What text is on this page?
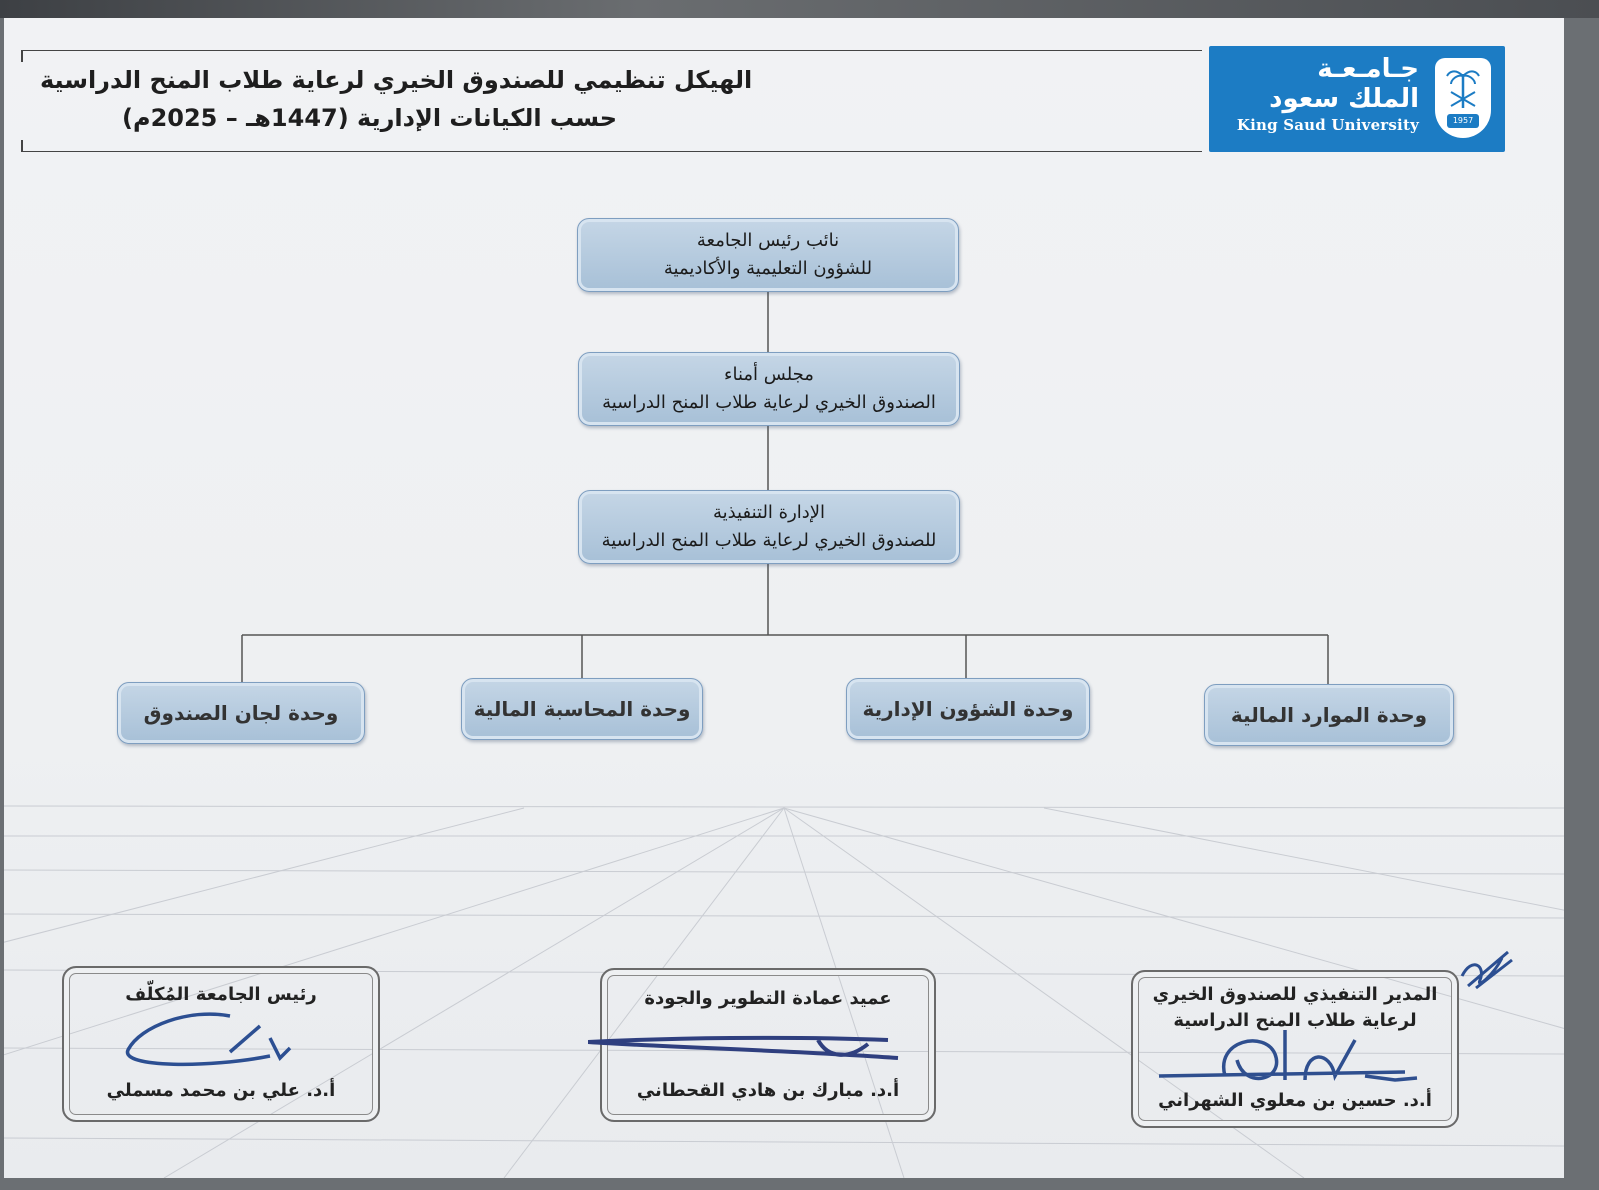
الهيكل تنظيمي للصندوق الخيري لرعاية طلاب المنح الدراسية
حسب الكيانات الإدارية (1447هـ – 2025م)
جـامـعـة
الملك سعود
King Saud University	1957
نائب رئيس الجامعة
للشؤون التعليمية والأكاديمية
مجلس أمناء
الصندوق الخيري لرعاية طلاب المنح الدراسية
الإدارة التنفيذية
للصندوق الخيري لرعاية طلاب المنح الدراسية
وحدة الموارد المالية
وحدة الشؤون الإدارية
وحدة المحاسبة المالية
وحدة لجان الصندوق
المدير التنفيذي للصندوق الخيري
لرعاية طلاب المنح الدراسية
أ.د. حسين بن معلوي الشهراني
عميد عمادة التطوير والجودة
أ.د. مبارك بن هادي القحطاني
رئيس الجامعة المُكلّف
أ.د. علي بن محمد مسملي
